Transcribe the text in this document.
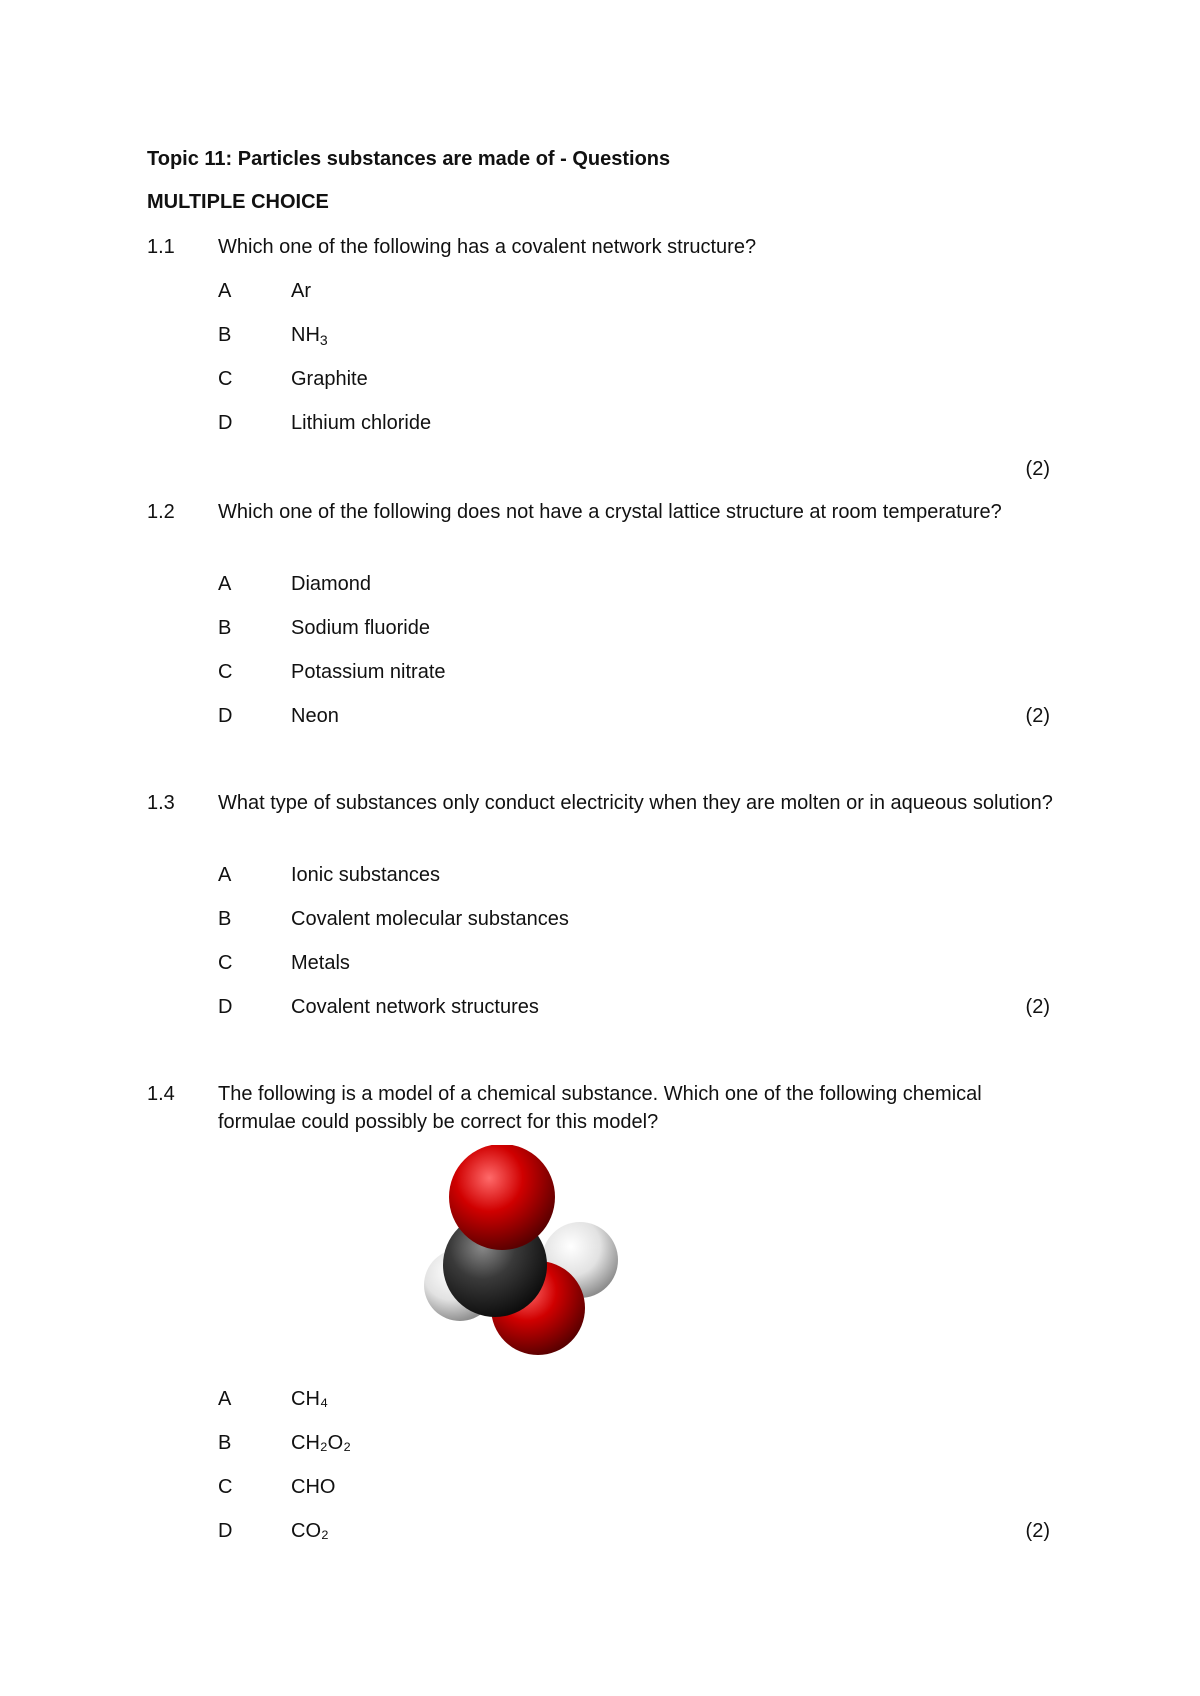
Topic 11: Particles substances are made of - Questions
MULTIPLE CHOICE
1.1 Which one of the following has a covalent network structure?
A	Ar
B	$NH_3$
C	Graphite
D	Lithium chloride
(2)
1.2 Which one of the following does not have a crystal lattice structure at room temperature?
A	Diamond
B	Sodium fluoride
C	Potassium nitrate
D	Neon	(2)
1.3 What type of substances only conduct electricity when they are molten or in aqueous solution?
A	Ionic substances
B	Covalent molecular substances
C	Metals
D	Covalent network structures	(2)
1.4 The following is a model of a chemical substance. Which one of the following chemical formulae could possibly be correct for this model?
A	CH₄
B	CH₂O₂
C	CHO
D	CO₂	(2)
